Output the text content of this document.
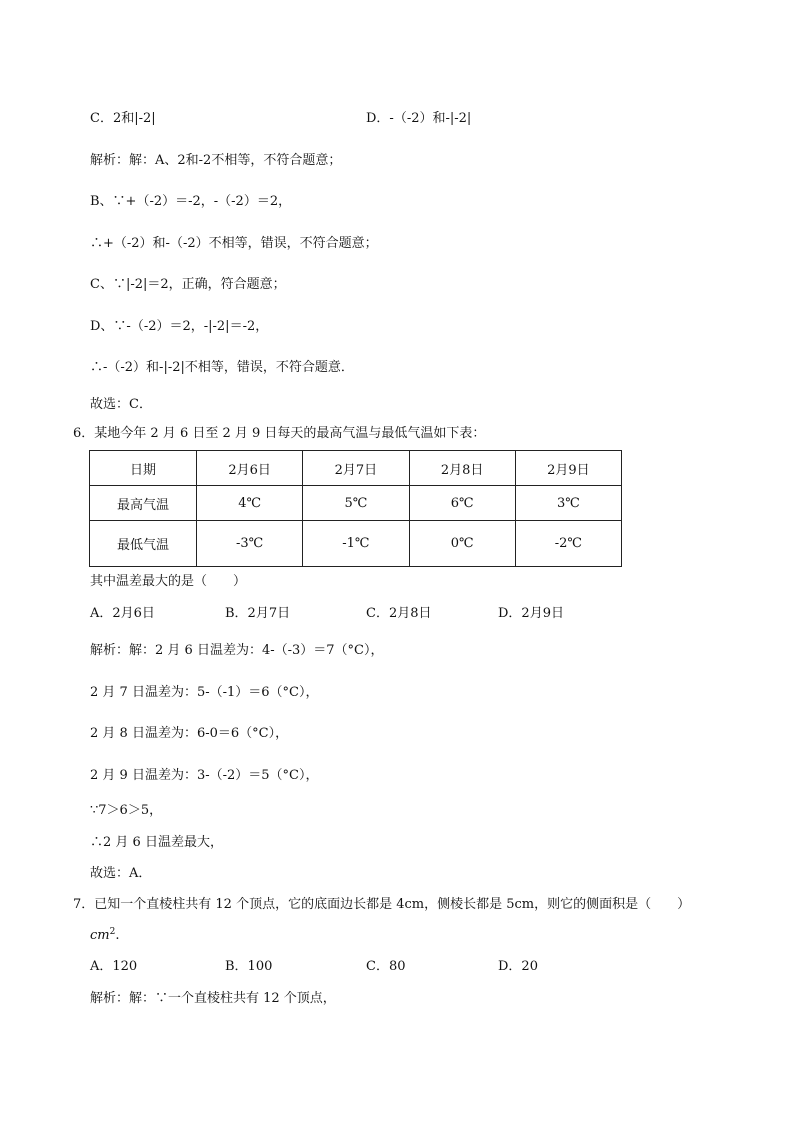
C．2和|-2|	D．-（-2）和-|-2|
解析：解：A、2和-2不相等，不符合题意；
B、∵+（-2）＝-2，-（-2）＝2，
∴+（-2）和-（-2）不相等，错误，不符合题意；
C、∵|-2|＝2，正确，符合题意；
D、∵-（-2）＝2，-|-2|＝-2，
∴-（-2）和-|-2|不相等，错误，不符合题意．
故选：C．
6．某地今年 2 月 6 日至 2 月 9 日每天的最高气温与最低气温如下表：
日期	2月6日	2月7日	2月8日	2月9日
最高气温	4℃	5℃	6℃	3℃
最低气温	-3℃	-1℃	0℃	-2℃
其中温差最大的是（　　）
A．2月6日	B．2月7日	C．2月8日	D．2月9日
解析：解：2 月 6 日温差为：4-（-3）＝7（°C），
2 月 7 日温差为：5-（-1）＝6（°C），
2 月 8 日温差为：6-0＝6（°C），
2 月 9 日温差为：3-（-2）＝5（°C），
∵7＞6＞5，
∴2 月 6 日温差最大，
故选：A．
7．已知一个直棱柱共有 12 个顶点，它的底面边长都是 4cm，侧棱长都是 5cm，则它的侧面积是（　　）
$cm^2$.
A．120	B．100	C．80	D．20
解析：解：∵一个直棱柱共有 12 个顶点，
